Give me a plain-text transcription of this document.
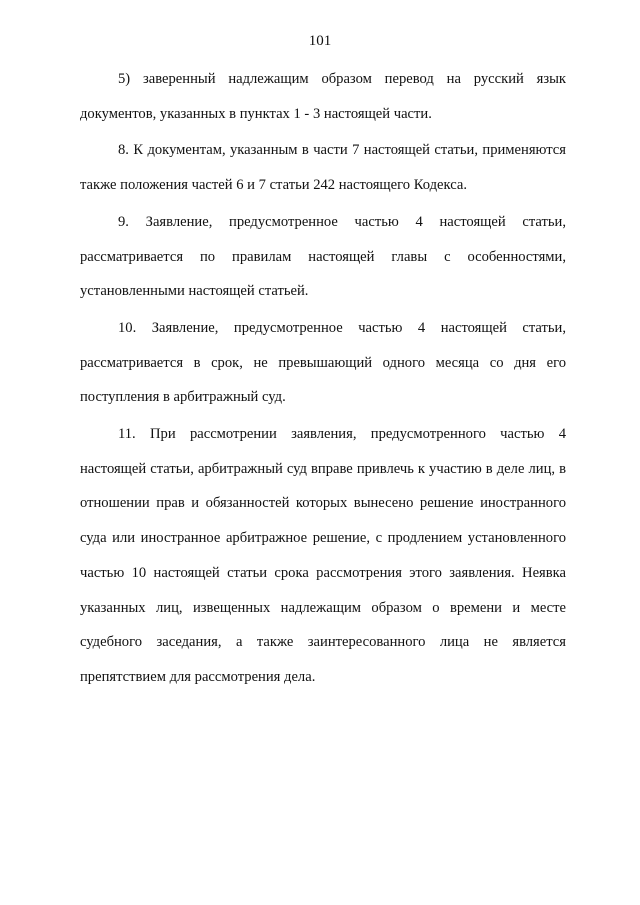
101

5) заверенный надлежащим образом перевод на русский язык документов, указанных в пунктах 1 - 3 настоящей части.

8. К документам, указанным в части 7 настоящей статьи, применяются также положения частей 6 и 7 статьи 242 настоящего Кодекса.

9. Заявление, предусмотренное частью 4 настоящей статьи, рассматривается по правилам настоящей главы с особенностями, установленными настоящей статьей.

10. Заявление, предусмотренное частью 4 настоящей статьи, рассматривается в срок, не превышающий одного месяца со дня его поступления в арбитражный суд.

11. При рассмотрении заявления, предусмотренного частью 4 настоящей статьи, арбитражный суд вправе привлечь к участию в деле лиц, в отношении прав и обязанностей которых вынесено решение иностранного суда или иностранное арбитражное решение, с продлением установленного частью 10 настоящей статьи срока рассмотрения этого заявления. Неявка указанных лиц, извещенных надлежащим образом о времени и месте судебного заседания, а также заинтересованного лица не является препятствием для рассмотрения дела.
